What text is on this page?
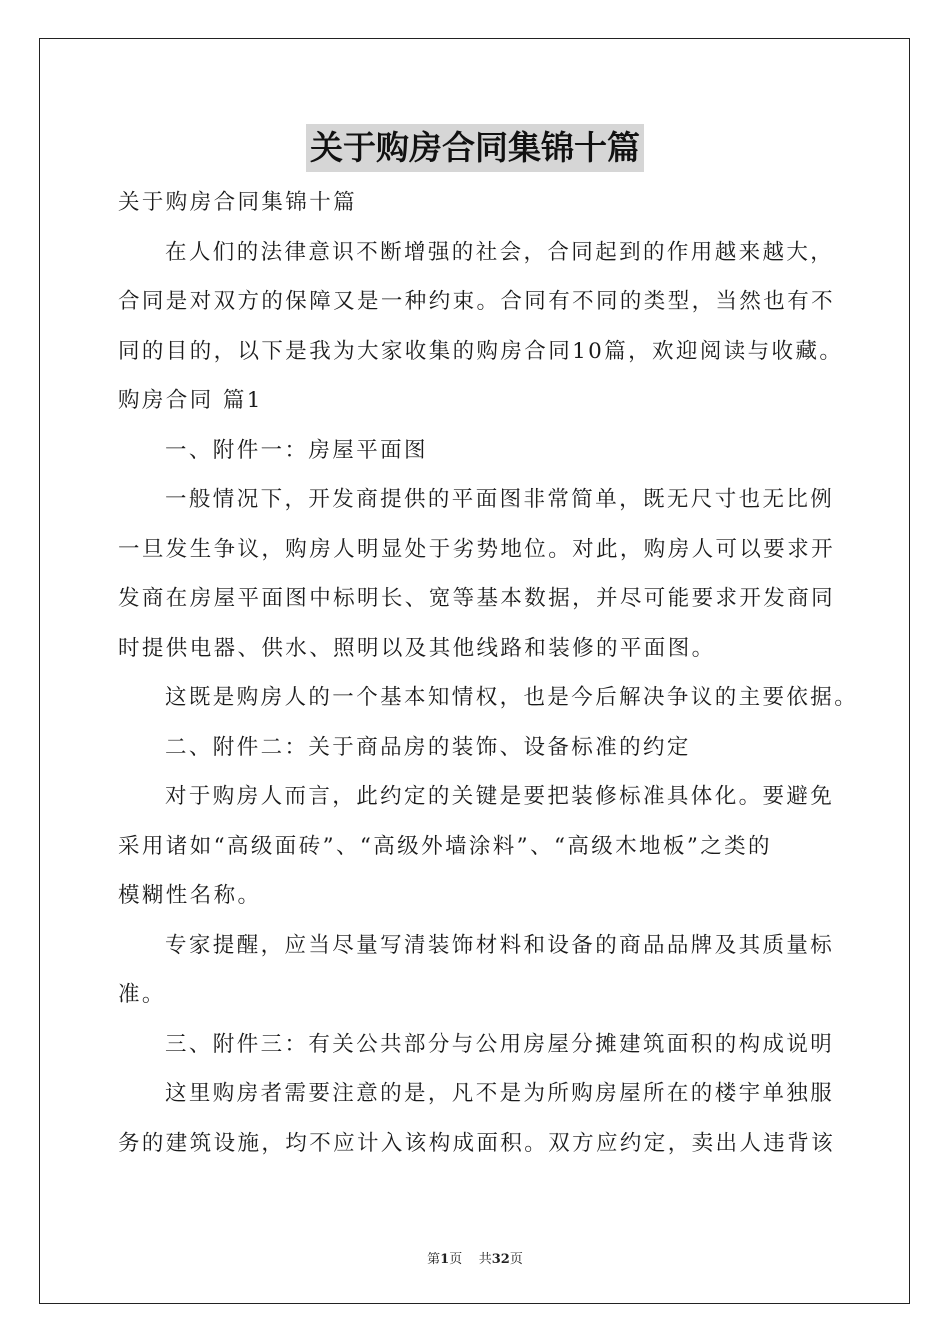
关于购房合同集锦十篇
关于购房合同集锦十篇
在人们的法律意识不断增强的社会，合同起到的作用越来越大，
合同是对双方的保障又是一种约束。合同有不同的类型，当然也有不
同的目的，以下是我为大家收集的购房合同10篇，欢迎阅读与收藏。
购房合同 篇1
一、附件一：房屋平面图
一般情况下，开发商提供的平面图非常简单，既无尺寸也无比例
一旦发生争议，购房人明显处于劣势地位。对此，购房人可以要求开
发商在房屋平面图中标明长、宽等基本数据，并尽可能要求开发商同
时提供电器、供水、照明以及其他线路和装修的平面图。
这既是购房人的一个基本知情权，也是今后解决争议的主要依据。
二、附件二：关于商品房的装饰、设备标准的约定
对于购房人而言，此约定的关键是要把装修标准具体化。要避免
采用诸如“高级面砖”、“高级外墙涂料”、“高级木地板”之类的
模糊性名称。
专家提醒，应当尽量写清装饰材料和设备的商品品牌及其质量标
准。
三、附件三：有关公共部分与公用房屋分摊建筑面积的构成说明
这里购房者需要注意的是，凡不是为所购房屋所在的楼宇单独服
务的建筑设施，均不应计入该构成面积。双方应约定，卖出人违背该
第1页 共32页
